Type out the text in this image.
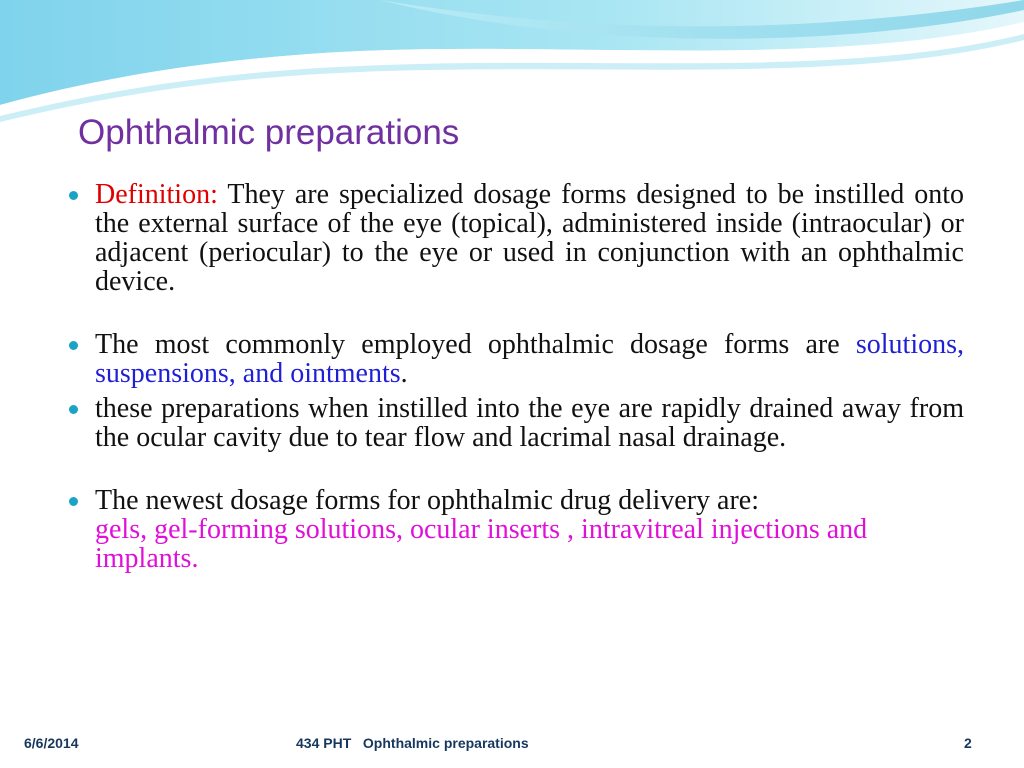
Ophthalmic preparations
Definition: They are specialized dosage forms designed to be instilled onto the external surface of the eye (topical), administered inside (intraocular) or adjacent (periocular) to the eye or used in conjunction with an ophthalmic device.
The most commonly employed ophthalmic dosage forms are solutions, suspensions, and ointments.
these preparations when instilled into the eye are rapidly drained away from the ocular cavity due to tear flow and lacrimal nasal drainage.
The newest dosage forms for ophthalmic drug delivery are:
gels, gel-forming solutions, ocular inserts , intravitreal injections and implants.
6/6/2014	434 PHT   Ophthalmic preparations	2
